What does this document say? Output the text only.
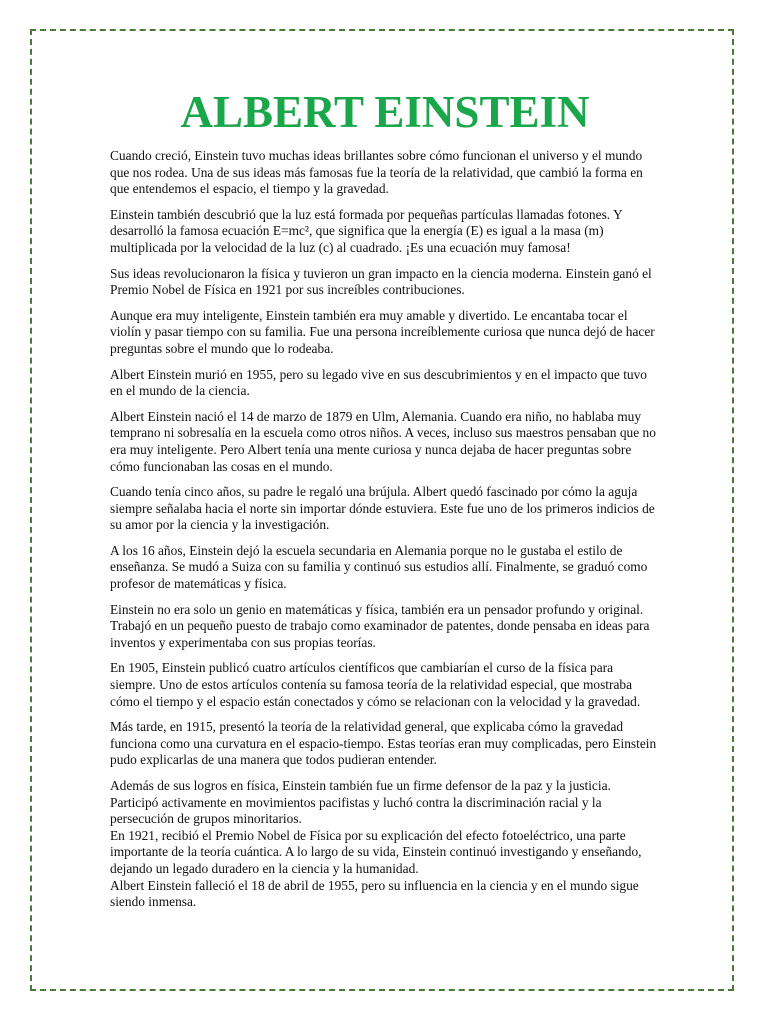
ALBERT EINSTEIN

Cuando creció, Einstein tuvo muchas ideas brillantes sobre cómo funcionan el universo y el mundo que nos rodea. Una de sus ideas más famosas fue la teoría de la relatividad, que cambió la forma en que entendemos el espacio, el tiempo y la gravedad.

Einstein también descubrió que la luz está formada por pequeñas partículas llamadas fotones. Y desarrolló la famosa ecuación E=mc², que significa que la energía (E) es igual a la masa (m) multiplicada por la velocidad de la luz (c) al cuadrado. ¡Es una ecuación muy famosa!

Sus ideas revolucionaron la física y tuvieron un gran impacto en la ciencia moderna. Einstein ganó el Premio Nobel de Física en 1921 por sus increíbles contribuciones.

Aunque era muy inteligente, Einstein también era muy amable y divertido. Le encantaba tocar el violín y pasar tiempo con su familia. Fue una persona increíblemente curiosa que nunca dejó de hacer preguntas sobre el mundo que lo rodeaba.

Albert Einstein murió en 1955, pero su legado vive en sus descubrimientos y en el impacto que tuvo en el mundo de la ciencia.

Albert Einstein nació el 14 de marzo de 1879 en Ulm, Alemania. Cuando era niño, no hablaba muy temprano ni sobresalía en la escuela como otros niños. A veces, incluso sus maestros pensaban que no era muy inteligente. Pero Albert tenía una mente curiosa y nunca dejaba de hacer preguntas sobre cómo funcionaban las cosas en el mundo.

Cuando tenía cinco años, su padre le regaló una brújula. Albert quedó fascinado por cómo la aguja siempre señalaba hacia el norte sin importar dónde estuviera. Este fue uno de los primeros indicios de su amor por la ciencia y la investigación.

A los 16 años, Einstein dejó la escuela secundaria en Alemania porque no le gustaba el estilo de enseñanza. Se mudó a Suiza con su familia y continuó sus estudios allí. Finalmente, se graduó como profesor de matemáticas y física.

Einstein no era solo un genio en matemáticas y física, también era un pensador profundo y original. Trabajó en un pequeño puesto de trabajo como examinador de patentes, donde pensaba en ideas para inventos y experimentaba con sus propias teorías.

En 1905, Einstein publicó cuatro artículos científicos que cambiarían el curso de la física para siempre. Uno de estos artículos contenía su famosa teoría de la relatividad especial, que mostraba cómo el tiempo y el espacio están conectados y cómo se relacionan con la velocidad y la gravedad.

Más tarde, en 1915, presentó la teoría de la relatividad general, que explicaba cómo la gravedad funciona como una curvatura en el espacio-tiempo. Estas teorías eran muy complicadas, pero Einstein pudo explicarlas de una manera que todos pudieran entender.

Además de sus logros en física, Einstein también fue un firme defensor de la paz y la justicia. Participó activamente en movimientos pacifistas y luchó contra la discriminación racial y la persecución de grupos minoritarios.

En 1921, recibió el Premio Nobel de Física por su explicación del efecto fotoeléctrico, una parte importante de la teoría cuántica. A lo largo de su vida, Einstein continuó investigando y enseñando, dejando un legado duradero en la ciencia y la humanidad.

Albert Einstein falleció el 18 de abril de 1955, pero su influencia en la ciencia y en el mundo sigue siendo inmensa.
